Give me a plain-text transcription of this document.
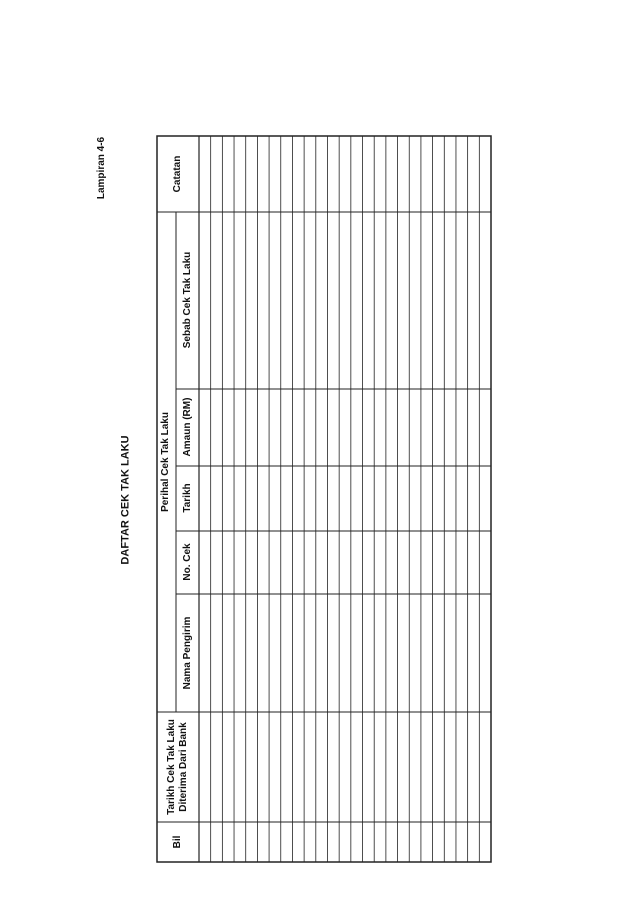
Lampiran 4-6
DAFTAR CEK TAK LAKU
Bil
Tarikh Cek Tak Laku Diterima Dari Bank
Perihal Cek Tak Laku
Nama Pengirim
No. Cek
Tarikh
Amaun (RM)
Sebab Cek Tak Laku
Catatan
